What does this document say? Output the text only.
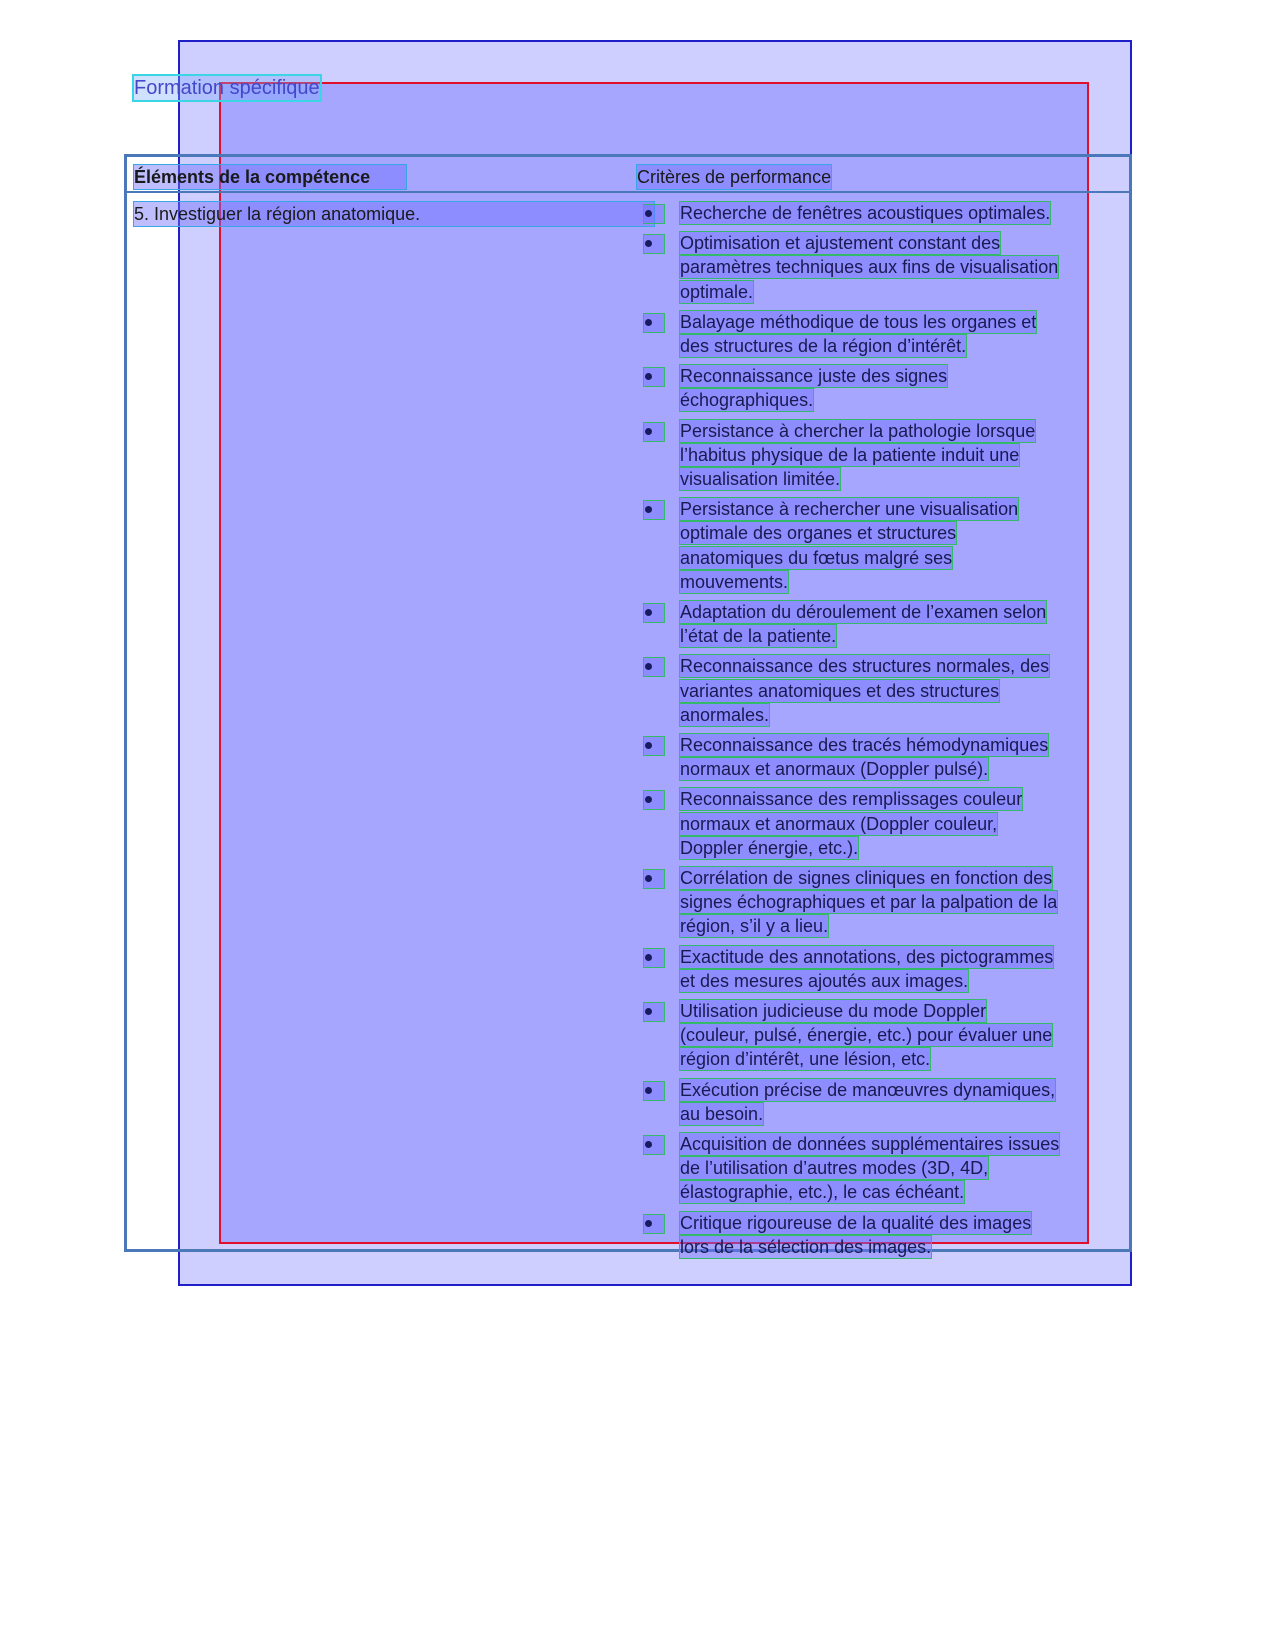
Formation spécifique
Éléments de la compétence	Critères de performance
5. Investiguer la région anatomique.	Recherche de fenêtres acoustiques optimales.
Optimisation et ajustement constant des
paramètres techniques aux fins de visualisation
optimale.
Balayage méthodique de tous les organes et
des structures de la région d’intérêt.
Reconnaissance juste des signes
échographiques.
Persistance à chercher la pathologie lorsque
l’habitus physique de la patiente induit une
visualisation limitée.
Persistance à rechercher une visualisation
optimale des organes et structures
anatomiques du fœtus malgré ses
mouvements.
Adaptation du déroulement de l’examen selon
l’état de la patiente.
Reconnaissance des structures normales, des
variantes anatomiques et des structures
anormales.
Reconnaissance des tracés hémodynamiques
normaux et anormaux (Doppler pulsé).
Reconnaissance des remplissages couleur
normaux et anormaux (Doppler couleur,
Doppler énergie, etc.).
Corrélation de signes cliniques en fonction des
signes échographiques et par la palpation de la
région, s’il y a lieu.
Exactitude des annotations, des pictogrammes
et des mesures ajoutés aux images.
Utilisation judicieuse du mode Doppler
(couleur, pulsé, énergie, etc.) pour évaluer une
région d’intérêt, une lésion, etc.
Exécution précise de manœuvres dynamiques,
au besoin.
Acquisition de données supplémentaires issues
de l’utilisation d’autres modes (3D, 4D,
élastographie, etc.), le cas échéant.
Critique rigoureuse de la qualité des images
lors de la sélection des images.
